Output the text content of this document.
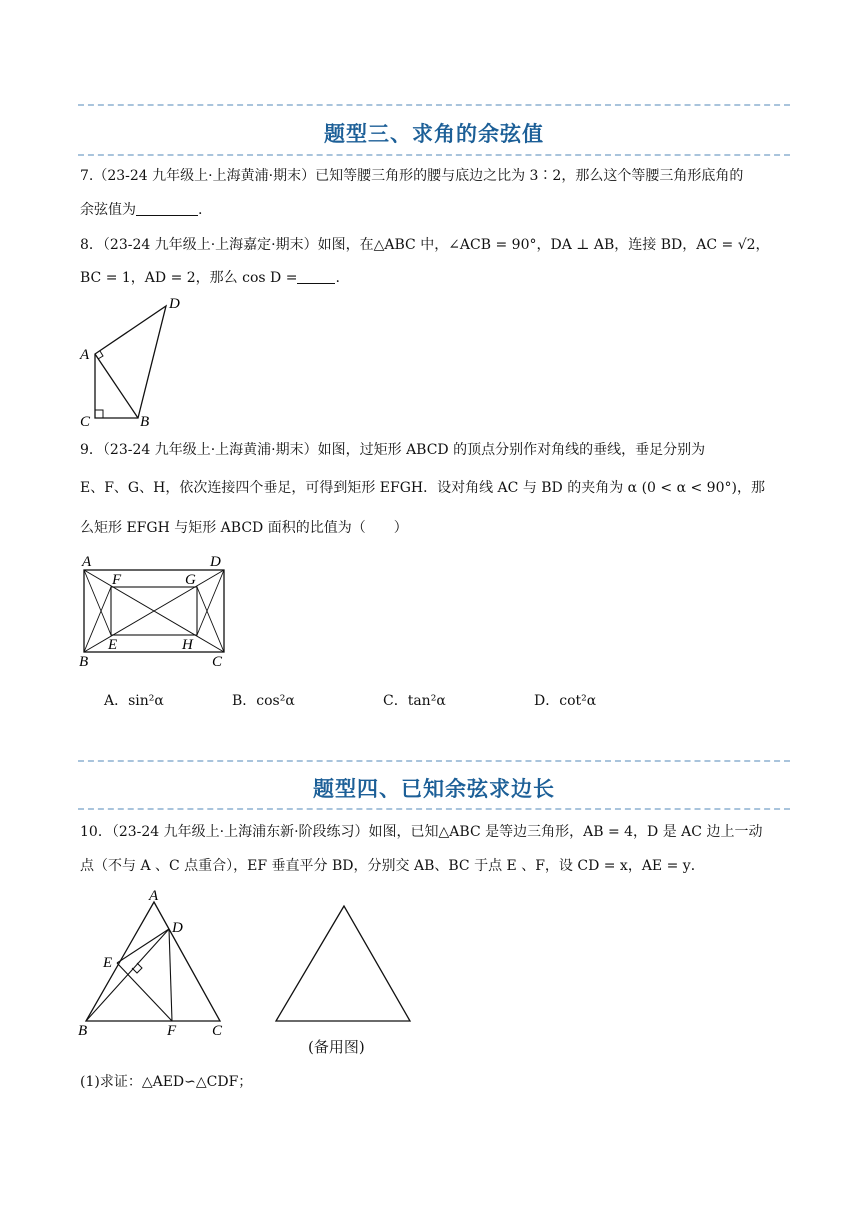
题型三、求角的余弦值
7.（23-24 九年级上·上海黄浦·期末）已知等腰三角形的腰与底边之比为 3∶2，那么这个等腰三角形底角的
余弦值为	.
8．（23-24 九年级上·上海嘉定·期末）如图，在△ABC 中，∠ACB = 90°，DA ⊥ AB，连接 BD，AC = √2，
BC = 1，AD = 2，那么 cos D =	.
A
B
C
D
9．（23-24 九年级上·上海黄浦·期末）如图，过矩形 ABCD 的顶点分别作对角线的垂线，垂足分别为
E、F、G、H，依次连接四个垂足，可得到矩形 EFGH．设对角线 AC 与 BD 的夹角为 α (0 < α < 90°)，那
么矩形 EFGH 与矩形 ABCD 面积的比值为（　　）
A	D
F	G
E	H
B	C
A．sin²α	B．cos²α	C．tan²α	D．cot²α
题型四、已知余弦求边长
10．（23-24 九年级上·上海浦东新·阶段练习）如图，已知△ABC 是等边三角形，AB = 4，D 是 AC 边上一动
点（不与 A 、C 点重合），EF 垂直平分 BD，分别交 AB、BC 于点 E 、F，设 CD = x，AE = y．
A
D
E
B	F C
(备用图)
(1)求证：△AED∽△CDF；
